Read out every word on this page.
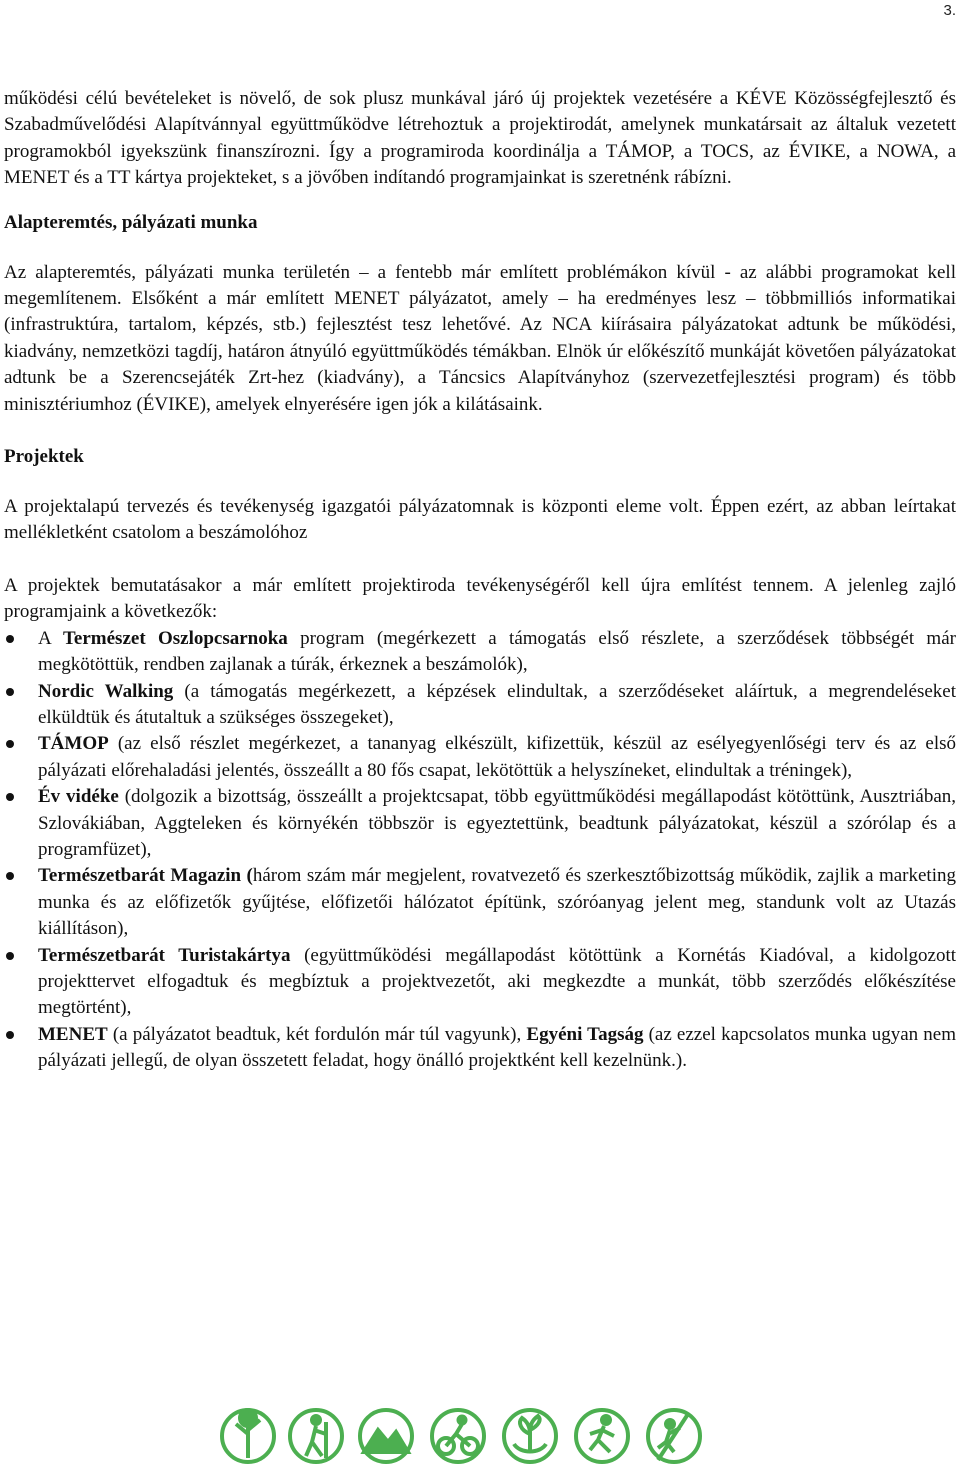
3.

működési célú bevételeket is növelő, de sok plusz munkával járó új projektek vezetésére a KÉVE Közösségfejlesztő és Szabadművelődési Alapítvánnyal együttműködve létrehoztuk a projektirodát, amelynek munkatársait az általuk vezetett programokból igyekszünk finanszírozni. Így a programiroda koordinálja a TÁMOP, a TOCS, az ÉVIKE, a NOWA, a MENET és a TT kártya projekteket, s a jövőben indítandó programjainkat is szeretnénk rábízni.

Alapteremtés, pályázati munka

Az alapteremtés, pályázati munka területén – a fentebb már említett problémákon kívül - az alábbi programokat kell megemlítenem. Elsőként a már említett MENET pályázatot, amely – ha eredményes lesz – többmilliós informatikai (infrastruktúra, tartalom, képzés, stb.) fejlesztést tesz lehetővé. Az NCA kiírásaira pályázatokat adtunk be működési, kiadvány, nemzetközi tagdíj, határon átnyúló együttműködés témákban. Elnök úr előkészítő munkáját követően pályázatokat adtunk be a Szerencsejáték Zrt-hez (kiadvány), a Táncsics Alapítványhoz (szervezetfejlesztési program) és több minisztériumhoz (ÉVIKE), amelyek elnyerésére igen jók a kilátásaink.

Projektek

A projektalapú tervezés és tevékenység igazgatói pályázatomnak is központi eleme volt. Éppen ezért, az abban leírtakat mellékletként csatolom a beszámolóhoz

A projektek bemutatásakor a már említett projektiroda tevékenységéről kell újra említést tennem. A jelenleg zajló programjaink a következők:

A Természet Oszlopcsarnoka program (megérkezett a támogatás első részlete, a szerződések többségét már megkötöttük, rendben zajlanak a túrák, érkeznek a beszámolók),
Nordic Walking (a támogatás megérkezett, a képzések elindultak, a szerződéseket aláírtuk, a megrendeléseket elküldtük és átutaltuk a szükséges összegeket),
TÁMOP (az első részlet megérkezet, a tananyag elkészült, kifizettük, készül az esélyegyenlőségi terv és az első pályázati előrehaladási jelentés, összeállt a 80 fős csapat, lekötöttük a helyszíneket, elindultak a tréningek),
Év vidéke (dolgozik a bizottság, összeállt a projektcsapat, több együttműködési megállapodást kötöttünk, Ausztriában, Szlovákiában, Aggteleken és környékén többször is egyeztettünk, beadtunk pályázatokat, készül a szórólap és a programfüzet),
Természetbarát Magazin (három szám már megjelent, rovatvezető és szerkesztőbizottság működik, zajlik a marketing munka és az előfizetők gyűjtése, előfizetői hálózatot építünk, szóróanyag jelent meg, standunk volt az Utazás kiállításon),
Természetbarát Turistakártya (együttműködési megállapodást kötöttünk a Kornétás Kiadóval, a kidolgozott projekttervet elfogadtuk és megbíztuk a projektvezetőt, aki megkezdte a munkát, több szerződés előkészítése megtörtént),
MENET (a pályázatot beadtuk, két fordulón már túl vagyunk), Egyéni Tagság (az ezzel kapcsolatos munka ugyan nem pályázati jellegű, de olyan összetett feladat, hogy önálló projektként kell kezelnünk.).
